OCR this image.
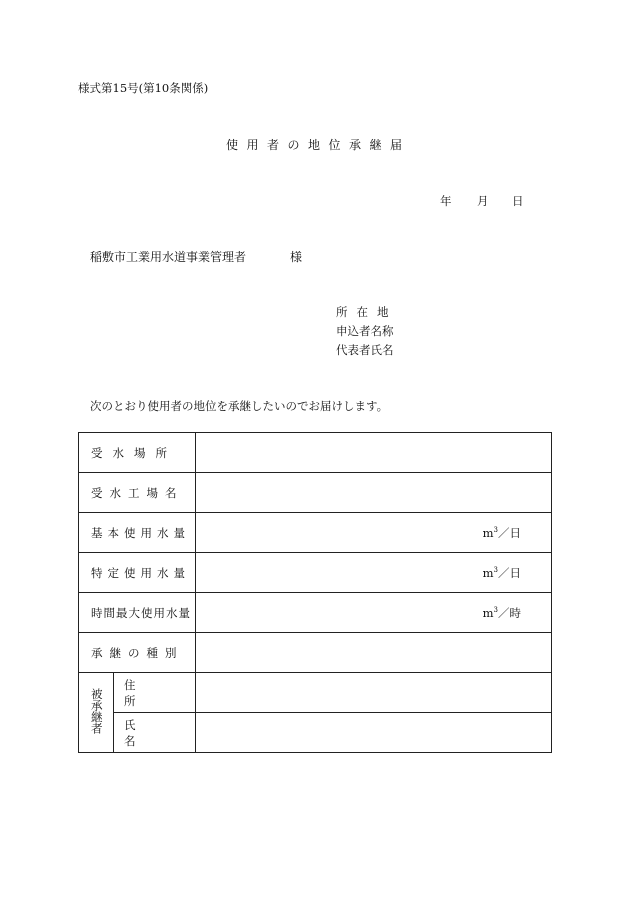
様式第15号(第10条関係)
使用者の地位承継届
年 月 日
稲敷市工業用水道事業管理者	様
所在地
申込者名称
代表者氏名
次のとおり使用者の地位を承継したいのでお届けします。
受水場所		
受水工場名		
基本使用水量		$m^3/$日
特定使用水量		$m^3/$日
時間最大使用水量		$m^3/$時
承継の種別		
被承継者	住所	
	氏名	
